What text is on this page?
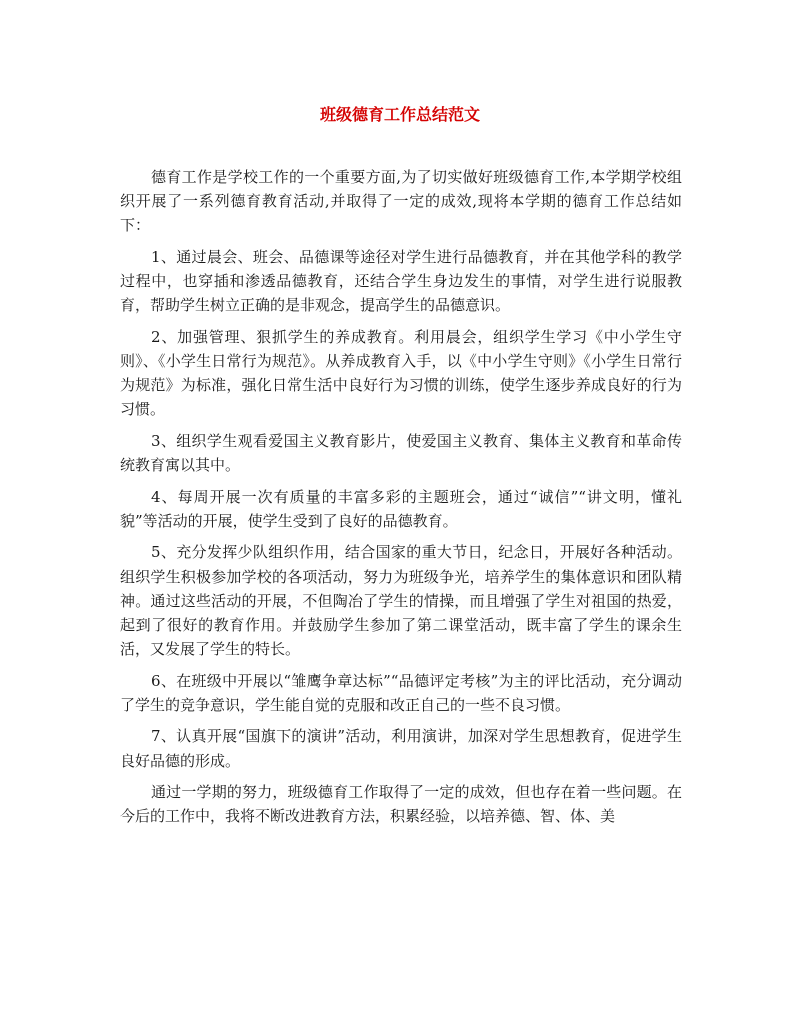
班级德育工作总结范文

德育工作是学校工作的一个重要方面,为了切实做好班级德育工作,本学期学校组织开展了一系列德育教育活动,并取得了一定的成效,现将本学期的德育工作总结如下：

1、通过晨会、班会、品德课等途径对学生进行品德教育，并在其他学科的教学过程中，也穿插和渗透品德教育，还结合学生身边发生的事情，对学生进行说服教育，帮助学生树立正确的是非观念，提高学生的品德意识。

2、加强管理、狠抓学生的养成教育。利用晨会，组织学生学习《中小学生守则》、《小学生日常行为规范》。从养成教育入手，以《中小学生守则》《小学生日常行为规范》为标准，强化日常生活中良好行为习惯的训练，使学生逐步养成良好的行为习惯。

3、组织学生观看爱国主义教育影片，使爱国主义教育、集体主义教育和革命传统教育寓以其中。

4、每周开展一次有质量的丰富多彩的主题班会，通过“诚信”“讲文明，懂礼貌”等活动的开展，使学生受到了良好的品德教育。

5、充分发挥少队组织作用，结合国家的重大节日，纪念日，开展好各种活动。组织学生积极参加学校的各项活动，努力为班级争光，培养学生的集体意识和团队精神。通过这些活动的开展，不但陶冶了学生的情操，而且增强了学生对祖国的热爱，起到了很好的教育作用。并鼓励学生参加了第二课堂活动，既丰富了学生的课余生活，又发展了学生的特长。

6、在班级中开展以“雏鹰争章达标”“品德评定考核”为主的评比活动，充分调动了学生的竞争意识，学生能自觉的克服和改正自己的一些不良习惯。

7、认真开展“国旗下的演讲”活动，利用演讲，加深对学生思想教育，促进学生良好品德的形成。

通过一学期的努力，班级德育工作取得了一定的成效，但也存在着一些问题。在今后的工作中，我将不断改进教育方法，积累经验，以培养德、智、体、美
